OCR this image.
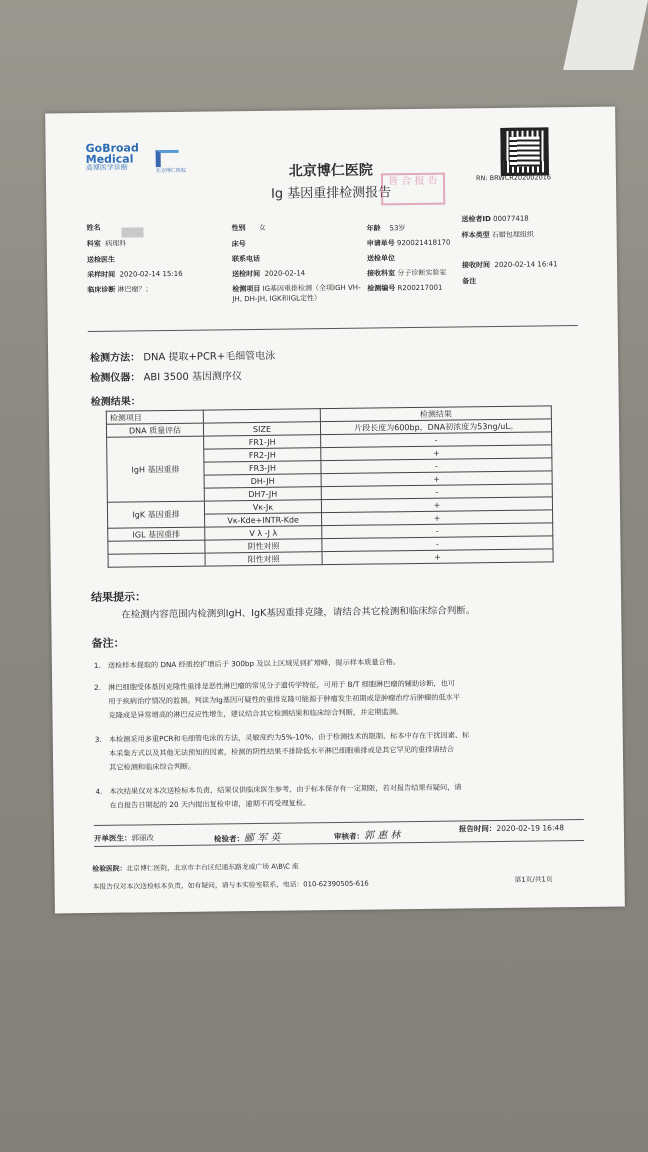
GoBroad
Medical
高博医学诊断	北京博仁医院	北京博仁医院
Ig 基因重排检测报告
皆 合 报 告	RN: BRWCR202002016
姓名
科室 病理科
送检医生
采样时间 2020-02-14 15:16
临床诊断 淋巴瘤？；
性别 女
床号
联系电话
送检时间 2020-02-14
检测项目 IG基因重排检测（全项IGH VH-JH, DH-JH, IGK和IGL定性）
年龄 53岁
申请单号 920021418170
送检单位
接收科室 分子诊断实验室
检测编号 R200217001
送检者ID 00077418
样本类型 石蜡包埋组织
接收时间 2020-02-14 16:41
备注
检测方法： DNA 提取+PCR+毛细管电泳
检测仪器： ABI 3500 基因测序仪
检测结果：
检测项目		检测结果
DNA 质量评估	SIZE	片段长度为600bp，DNA初浓度为53ng/uL。
IgH 基因重排	FR1-JH	-
	FR2-JH	+
	FR3-JH	-
	DH-JH	+
	DH7-JH	-
IgK 基因重排	Vκ-Jκ	+
	Vκ-Kde+INTR-Kde	+
IGL 基因重排	V λ -J λ	-
	阴性对照	-
	阳性对照	+
结果提示：
在检测内容范围内检测到IgH、IgK基因重排克隆，请结合其它检测和临床综合判断。
备注：
1. 送检样本提取的 DNA 经质控扩增后于 300bp 及以上区域见到扩增峰，提示样本质量合格。
2. 淋巴细胞受体基因克隆性重排是恶性淋巴瘤的常见分子遗传学特征，可用于 B/T 细胞淋巴瘤的辅助诊断，也可
用于疾病治疗情况的监测。判读为Ig基因可疑性的重排克隆可能源于肿瘤发生初期或是肿瘤治疗后肿瘤的低水平
克隆或是异常增高的淋巴反应性增生，建议结合其它检测结果和临床综合判断，并定期监测。
3. 本检测采用多重PCR和毛细管电泳的方法，灵敏度约为5%-10%，由于检测技术的限制、标本中存在干扰因素、标
本采集方式以及其他无法预知的因素，检测的阴性结果不排除低水平淋巴细胞重排或是其它罕见的重排请结合
其它检测和临床综合判断。
4. 本次结果仅对本次送检标本负责，结果仅供临床医生参考，由于标本保存有一定期限，若对报告结果有疑问，请
在自报告日期起的 20 天内提出复检申请，逾期不再受理复检。
开单医生：郭丽改	检验者：郦 军 英	审核者：郭 惠 林
报告时间：2020-02-19 16:48
检验医院：北京博仁医院，北京市丰台区纪通东路龙威广场 A\B\C 座
本报告仅对本次送检标本负责，如有疑问，请与本实验室联系，电话：010-62390505-616
第1页/共1页
